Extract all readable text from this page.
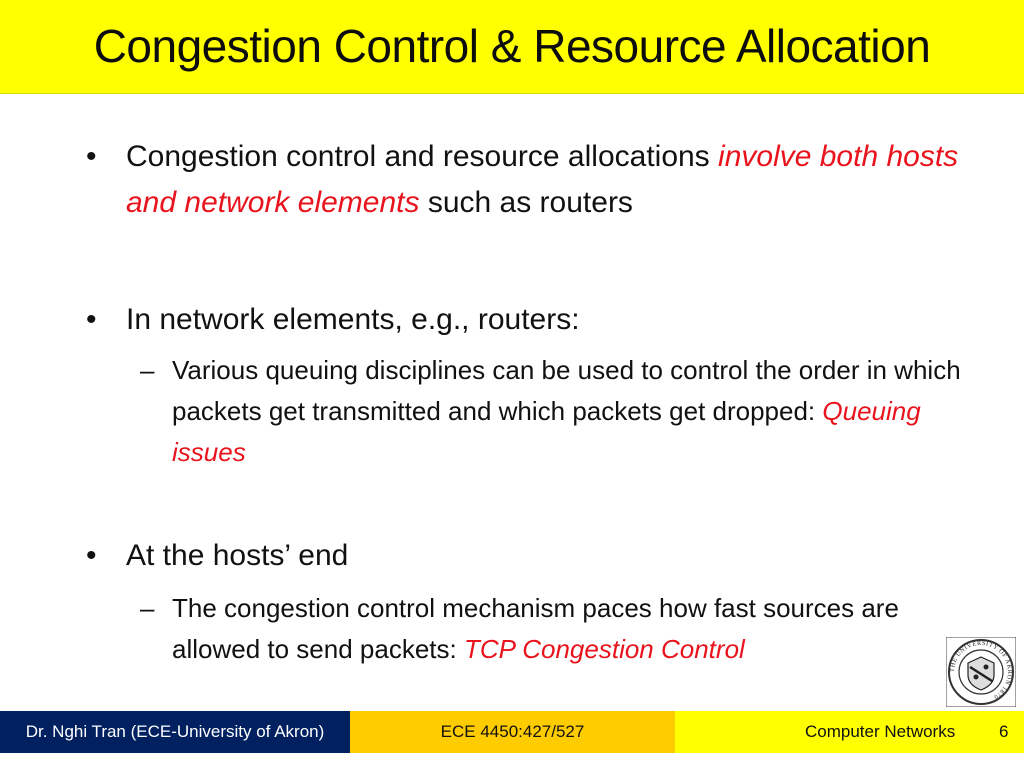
Congestion Control & Resource Allocation
• Congestion control and resource allocations involve both hosts and network elements such as routers
• In network elements, e.g., routers:
– Various queuing disciplines can be used to control the order in which packets get transmitted and which packets get dropped: Queuing issues
• At the hosts’ end
– The congestion control mechanism paces how fast sources are allowed to send packets: TCP Congestion Control
THE UNIVERSITY OF AKRON 1870
Dr. Nghi Tran (ECE-University of Akron)	ECE 4450:427/527	Computer Networks	6
